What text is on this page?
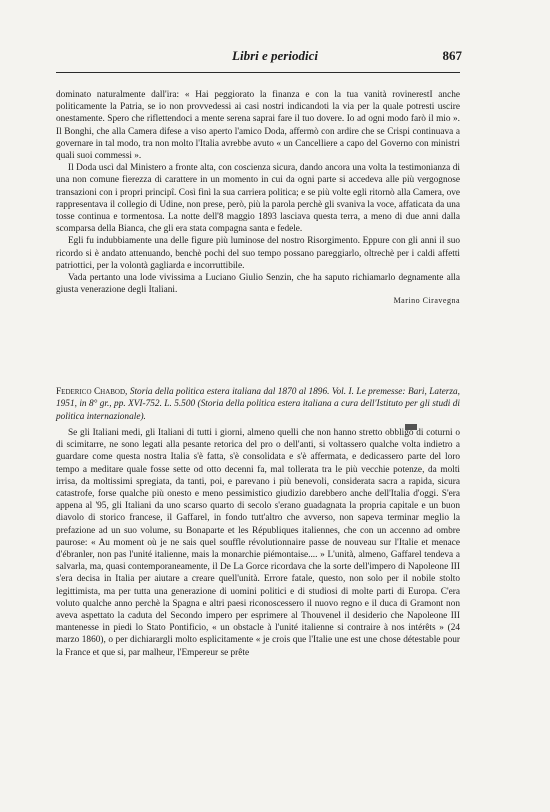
Libri e periodici	867

dominato naturalmente dall'ira: « Hai peggiorato la finanza e con la tua vanità rovinerestI anche politicamente la Patria, se io non provvedessi ai casi nostri indicandoti la via per la quale potresti uscire onestamente. Spero che riflettendoci a mente serena saprai fare il tuo dovere. Io ad ogni modo farò il mio ». Il Bonghi, che alla Camera difese a viso aperto l'amico Doda, affermò con ardire che se Crispi continuava a governare in tal modo, tra non molto l'Italia avrebbe avuto « un Cancelliere a capo del Governo con ministri quali suoi commessi ».

Il Doda uscì dal Ministero a fronte alta, con coscienza sicura, dando ancora una volta la testimonianza di una non comune fierezza di carattere in un momento in cui da ogni parte si accedeva alle più vergognose transazioni con i propri principî. Così finì la sua carriera politica; e se più volte egli ritornò alla Camera, ove rappresentava il collegio di Udine, non prese, però, più la parola perchè gli svaniva la voce, affaticata da una tosse continua e tormentosa. La notte dell'8 maggio 1893 lasciava questa terra, a meno di due anni dalla scomparsa della Bianca, che gli era stata compagna santa e fedele.

Egli fu indubbiamente una delle figure più luminose del nostro Risorgimento. Eppure con gli anni il suo ricordo si è andato attenuando, benchè pochi del suo tempo possano pareggiarlo, oltrechè per i caldi affetti patriottici, per la volontà gagliarda e incorruttibile.

Vada pertanto una lode vivissima a Luciano Giulio Senzin, che ha saputo richiamarlo degnamente alla giusta venerazione degli Italiani.

Marino Ciravegna
Federico Chabod, Storia della politica estera italiana dal 1870 al 1896. Vol. I. Le premesse: Bari, Laterza, 1951, in 8° gr., pp. XVI-752. L. 5.500 (Storia della politica estera italiana a cura dell'Istituto per gli studi di politica internazionale).

Se gli Italiani medi, gli Italiani di tutti i giorni, almeno quelli che non hanno stretto obbligo di coturni o di scimitarre, ne sono legati alla pesante retorica del pro o dell'anti, si voltassero qualche volta indietro a guardare come questa nostra Italia s'è fatta, s'è consolidata e s'è affermata, e dedicassero parte del loro tempo a meditare quale fosse sette od otto decenni fa, mal tollerata tra le più vecchie potenze, da molti irrisa, da moltissimi spregiata, da tanti, poi, e parevano i più benevoli, considerata sacra a rapida, sicura catastrofe, forse qualche più onesto e meno pessimistico giudizio darebbero anche dell'Italia d'oggi. S'era appena al '95, gli Italiani da uno scarso quarto di secolo s'erano guadagnata la propria capitale e un buon diavolo di storico francese, il Gaffarel, in fondo tutt'altro che avverso, non sapeva terminar meglio la prefazione ad un suo volume, su Bonaparte et les Républiques italiennes, che con un accenno ad ombre paurose: « Au moment où je ne sais quel souffle révolutionnaire passe de nouveau sur l'Italie et menace d'ébranler, non pas l'unité italienne, mais la monarchie piémontaise.... » L'unità, almeno, Gaffarel tendeva a salvarla, ma, quasi contemporaneamente, il De La Gorce ricordava che la sorte dell'impero di Napoleone III s'era decisa in Italia per aiutare a creare quell'unità. Errore fatale, questo, non solo per il nobile stolto legittimista, ma per tutta una generazione di uomini politici e di studiosi di molte parti di Europa. C'era voluto qualche anno perchè la Spagna e altri paesi riconoscessero il nuovo regno e il duca di Gramont non aveva aspettato la caduta del Secondo impero per esprimere al Thouvenel il desiderio che Napoleone III mantenesse in piedi lo Stato Pontificio, « un obstacle à l'unité italienne si contraire à nos intérêts » (24 marzo 1860), o per dichiarargli molto esplicitamente « je crois que l'Italie une est une chose détestable pour la France et que si, par malheur, l'Empereur se prête
